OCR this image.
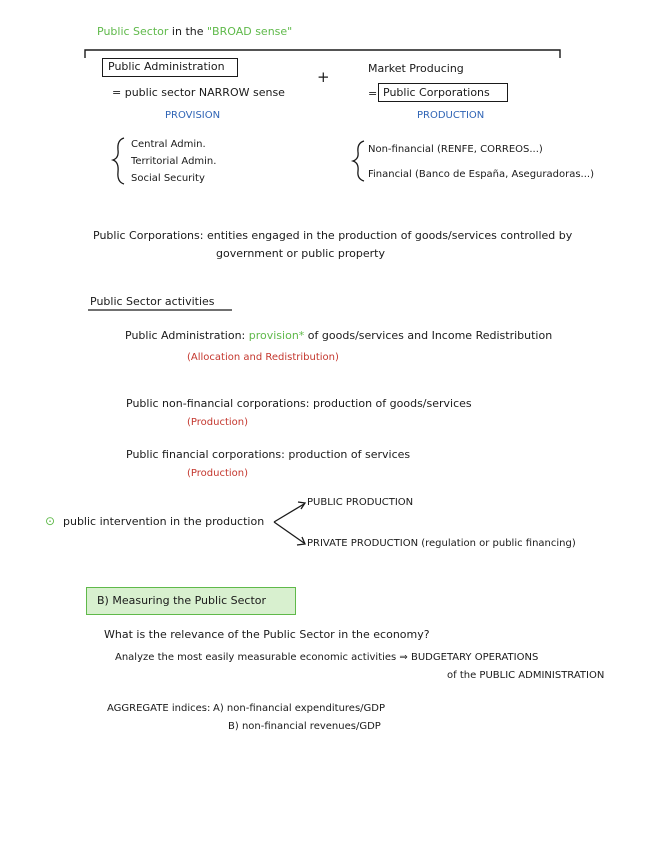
Public Sector in the "BROAD sense"
Public Administration
= public sector NARROW sense
PROVISION
Central Admin.
Territorial Admin.
Social Security
+	Market Producing
= Public Corporations
PRODUCTION
Non-financial (RENFE, CORREOS...)
Financial (Banco de España, Aseguradoras...)
Public Corporations: entities engaged in the production of goods/services controlled by
government or public property
Public Sector activities
Public Administration: provision* of goods/services and Income Redistribution
(Allocation and Redistribution)
Public non-financial corporations: production of goods/services
(Production)
Public financial corporations: production of services
(Production)
⊙ public intervention in the production
PUBLIC PRODUCTION
PRIVATE PRODUCTION (regulation or public financing)
B) Measuring the Public Sector
What is the relevance of the Public Sector in the economy?
Analyze the most easily measurable economic activities ⇒ BUDGETARY OPERATIONS
of the PUBLIC ADMINISTRATION
AGGREGATE indices: A) non-financial expenditures/GDP
B) non-financial revenues/GDP
